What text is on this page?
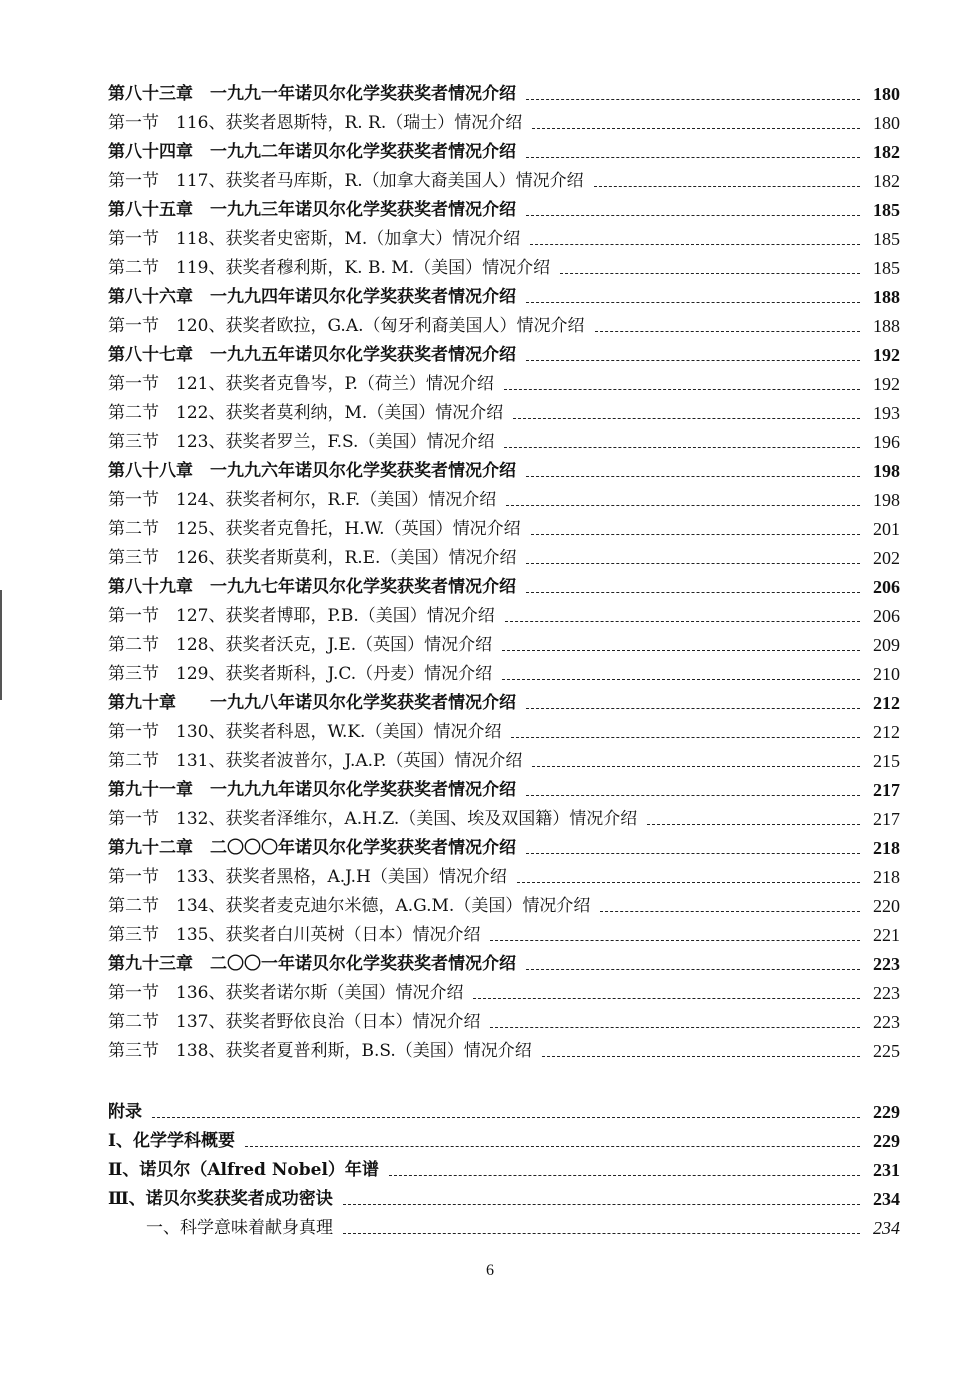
第八十三章　一九九一年诺贝尔化学奖获奖者情况介绍	180
第一节　116、获奖者恩斯特，R. R.（瑞士）情况介绍	180
第八十四章　一九九二年诺贝尔化学奖获奖者情况介绍	182
第一节　117、获奖者马库斯，R.（加拿大裔美国人）情况介绍	182
第八十五章　一九九三年诺贝尔化学奖获奖者情况介绍	185
第一节　118、获奖者史密斯，M.（加拿大）情况介绍	185
第二节　119、获奖者穆利斯，K. B. M.（美国）情况介绍	185
第八十六章　一九九四年诺贝尔化学奖获奖者情况介绍	188
第一节　120、获奖者欧拉，G.A.（匈牙利裔美国人）情况介绍	188
第八十七章　一九九五年诺贝尔化学奖获奖者情况介绍	192
第一节　121、获奖者克鲁岑，P.（荷兰）情况介绍	192
第二节　122、获奖者莫利纳，M.（美国）情况介绍	193
第三节　123、获奖者罗兰，F.S.（美国）情况介绍	196
第八十八章　一九九六年诺贝尔化学奖获奖者情况介绍	198
第一节　124、获奖者柯尔，R.F.（美国）情况介绍	198
第二节　125、获奖者克鲁托，H.W.（英国）情况介绍	201
第三节　126、获奖者斯莫利，R.E.（美国）情况介绍	202
第八十九章　一九九七年诺贝尔化学奖获奖者情况介绍	206
第一节　127、获奖者博耶，P.B.（美国）情况介绍	206
第二节　128、获奖者沃克，J.E.（英国）情况介绍	209
第三节　129、获奖者斯科，J.C.（丹麦）情况介绍	210
第九十章　　一九九八年诺贝尔化学奖获奖者情况介绍	212
第一节　130、获奖者科恩，W.K.（美国）情况介绍	212
第二节　131、获奖者波普尔，J.A.P.（英国）情况介绍	215
第九十一章　一九九九年诺贝尔化学奖获奖者情况介绍	217
第一节　132、获奖者泽维尔，A.H.Z.（美国、埃及双国籍）情况介绍	217
第九十二章　二〇〇〇年诺贝尔化学奖获奖者情况介绍	218
第一节　133、获奖者黑格，A.J.H（美国）情况介绍	218
第二节　134、获奖者麦克迪尔米德，A.G.M.（美国）情况介绍	220
第三节　135、获奖者白川英树（日本）情况介绍	221
第九十三章　二〇〇一年诺贝尔化学奖获奖者情况介绍	223
第一节　136、获奖者诺尔斯（美国）情况介绍	223
第二节　137、获奖者野依良治（日本）情况介绍	223
第三节　138、获奖者夏普利斯，B.S.（美国）情况介绍	225
附录	229
Ⅰ、化学学科概要	229
Ⅱ、诺贝尔（Alfred Nobel）年谱	231
Ⅲ、诺贝尔奖获奖者成功密诀	234
一、科学意味着献身真理	234
6
